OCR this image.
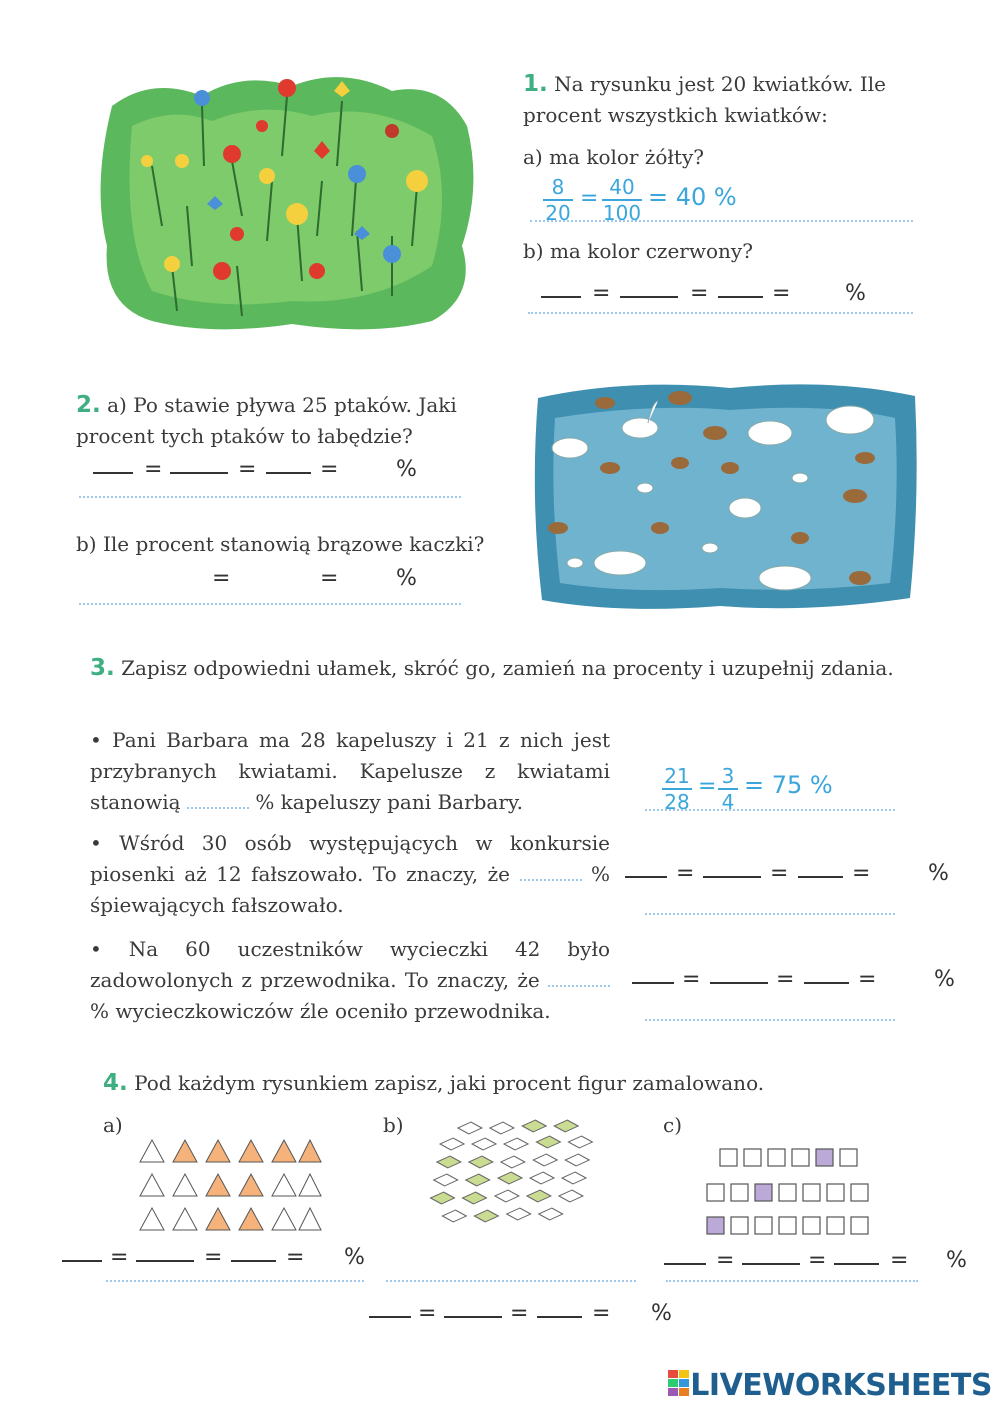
1. Na rysunku jest 20 kwiatków. Ile procent wszystkich kwiatków:
a) ma kolor żółty?
8
20
= 40
100
= 40 %
b) ma kolor czerwony?
=	=	= %
2. a) Po stawie pływa 25 ptaków. Jaki procent tych ptaków to łabędzie?
=	=	=	%
b) Ile procent stanowią brązowe kaczki?
=	=	%
3. Zapisz odpowiedni ułamek, skróć go, zamień na procenty i uzupełnij zdania.
• Pani Barbara ma 28 kapeluszy i 21 z nich jest przybranych kwiatami. Kapelusze z kwiatami stanowią	% kapeluszy pani Barbary.
21
28
= 3
4
= 75 %
• Wśród 30 osób występujących w konkursie piosenki aż 12 fałszowało. To znaczy, że	% śpiewających fałszowało.
=	=	=	%
• Na 60 uczestników wycieczki 42 było zadowolonych z przewodnika. To znaczy, że  % wycieczkowiczów źle oceniło przewodnika.
=	=	=	%
4. Pod każdym rysunkiem zapisz, jaki procent figur zamalowano.
a)	b)	c)
=	=	= %	=	=	= %
=	=	= %
LIVEWORKSHEETS
